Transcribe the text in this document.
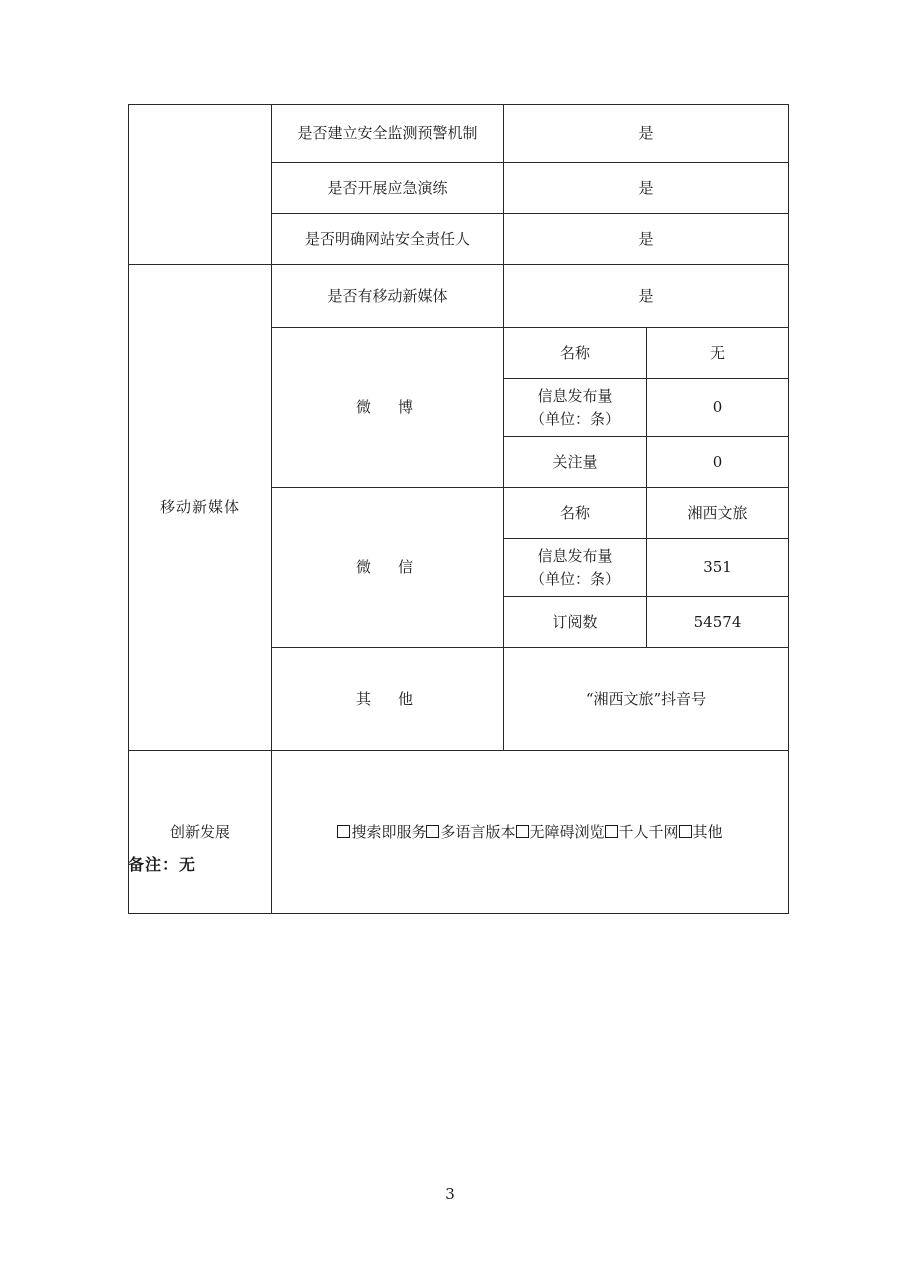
	是否建立安全监测预警机制	是	
	是否开展应急演练	是	
	是否明确网站安全责任人	是	
移动新媒体	是否有移动新媒体	是	
	微　博	名称	无
		信息发布量
（单位：条）	0
		关注量	0
	微　信	名称	湘西文旅
		信息发布量
（单位：条）	351
		订阅数	54574
	其　他	“湘西文旅”抖音号	
创新发展	搜索即服务 多语言版本 无障碍浏览 千人千网 其他		
备注：无
3
